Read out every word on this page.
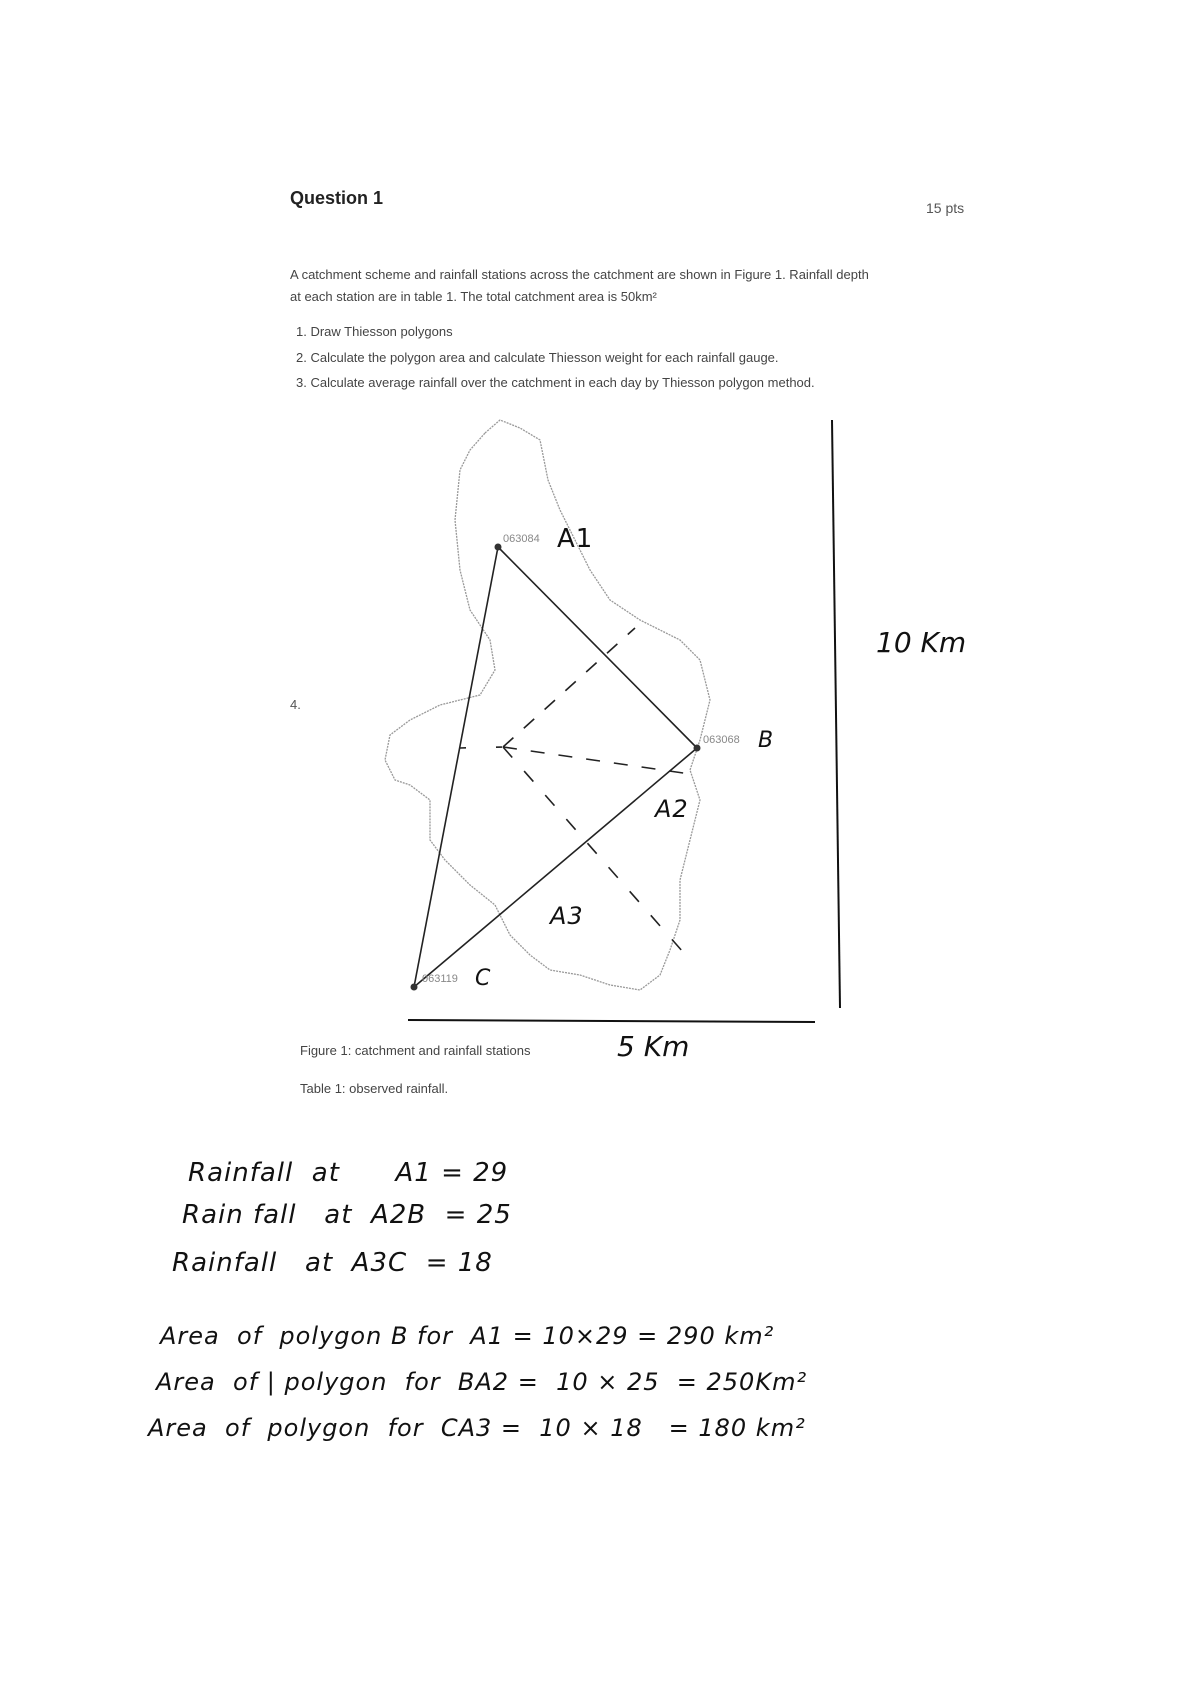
Question 1	15 pts
A catchment scheme and rainfall stations across the catchment are shown in Figure 1. Rainfall depth
at each station are in table 1. The total catchment area is 50km²
1. Draw Thiesson polygons
2. Calculate the polygon area and calculate Thiesson weight for each rainfall gauge.
3. Calculate average rainfall over the catchment in each day by Thiesson polygon method.
4.
063084 A1
063068 B
063119 C
A2
A3
10 Km
5 Km
Figure 1: catchment and rainfall stations
Table 1: observed rainfall.
Rainfall  at      A1 = 29
Rain fall   at  A2B  = 25
Rainfall   at  A3C  = 18
Area  of  polygon B for  A1 = 10×29 = 290 km²
Area  of | polygon  for  BA2 =  10 × 25  = 250Km²
Area  of  polygon  for  CA3 =  10 × 18   = 180 km²
